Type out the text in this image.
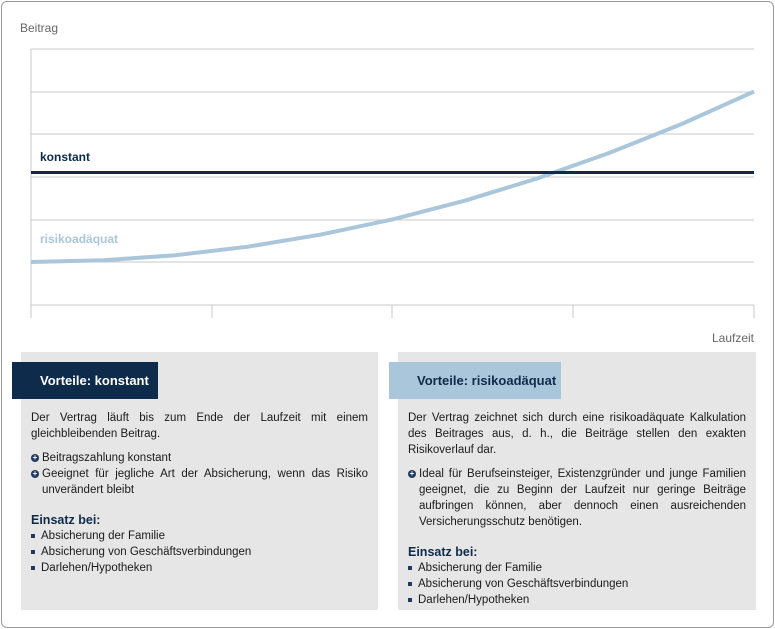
Beitrag
Laufzeit
konstant
risikoadäquat

Der Vertrag läuft bis zum Ende der Laufzeit mit einem gleichbleibenden Beitrag.

+ Beitragszahlung konstant
+ Geeignet für jegliche Art der Absicherung, wenn das Risiko unverändert bleibt
Einsatz bei:
Absicherung der Familie
Absicherung von Geschäftsverbindungen
Darlehen/Hypotheken
Vorteile: konstant

Der Vertrag zeichnet sich durch eine risikoadäquate Kalkulation des Beitrages aus, d. h., die Beiträge stellen den exakten Risikoverlauf dar.

+ Ideal für Berufseinsteiger, Existenzgründer und junge Familien geeignet, die zu Beginn der Laufzeit nur geringe Beiträge aufbringen können, aber dennoch einen ausreichenden Versicherungsschutz benötigen.
Einsatz bei:
Absicherung der Familie
Absicherung von Geschäftsverbindungen
Darlehen/Hypotheken
Vorteile: risikoadäquat
